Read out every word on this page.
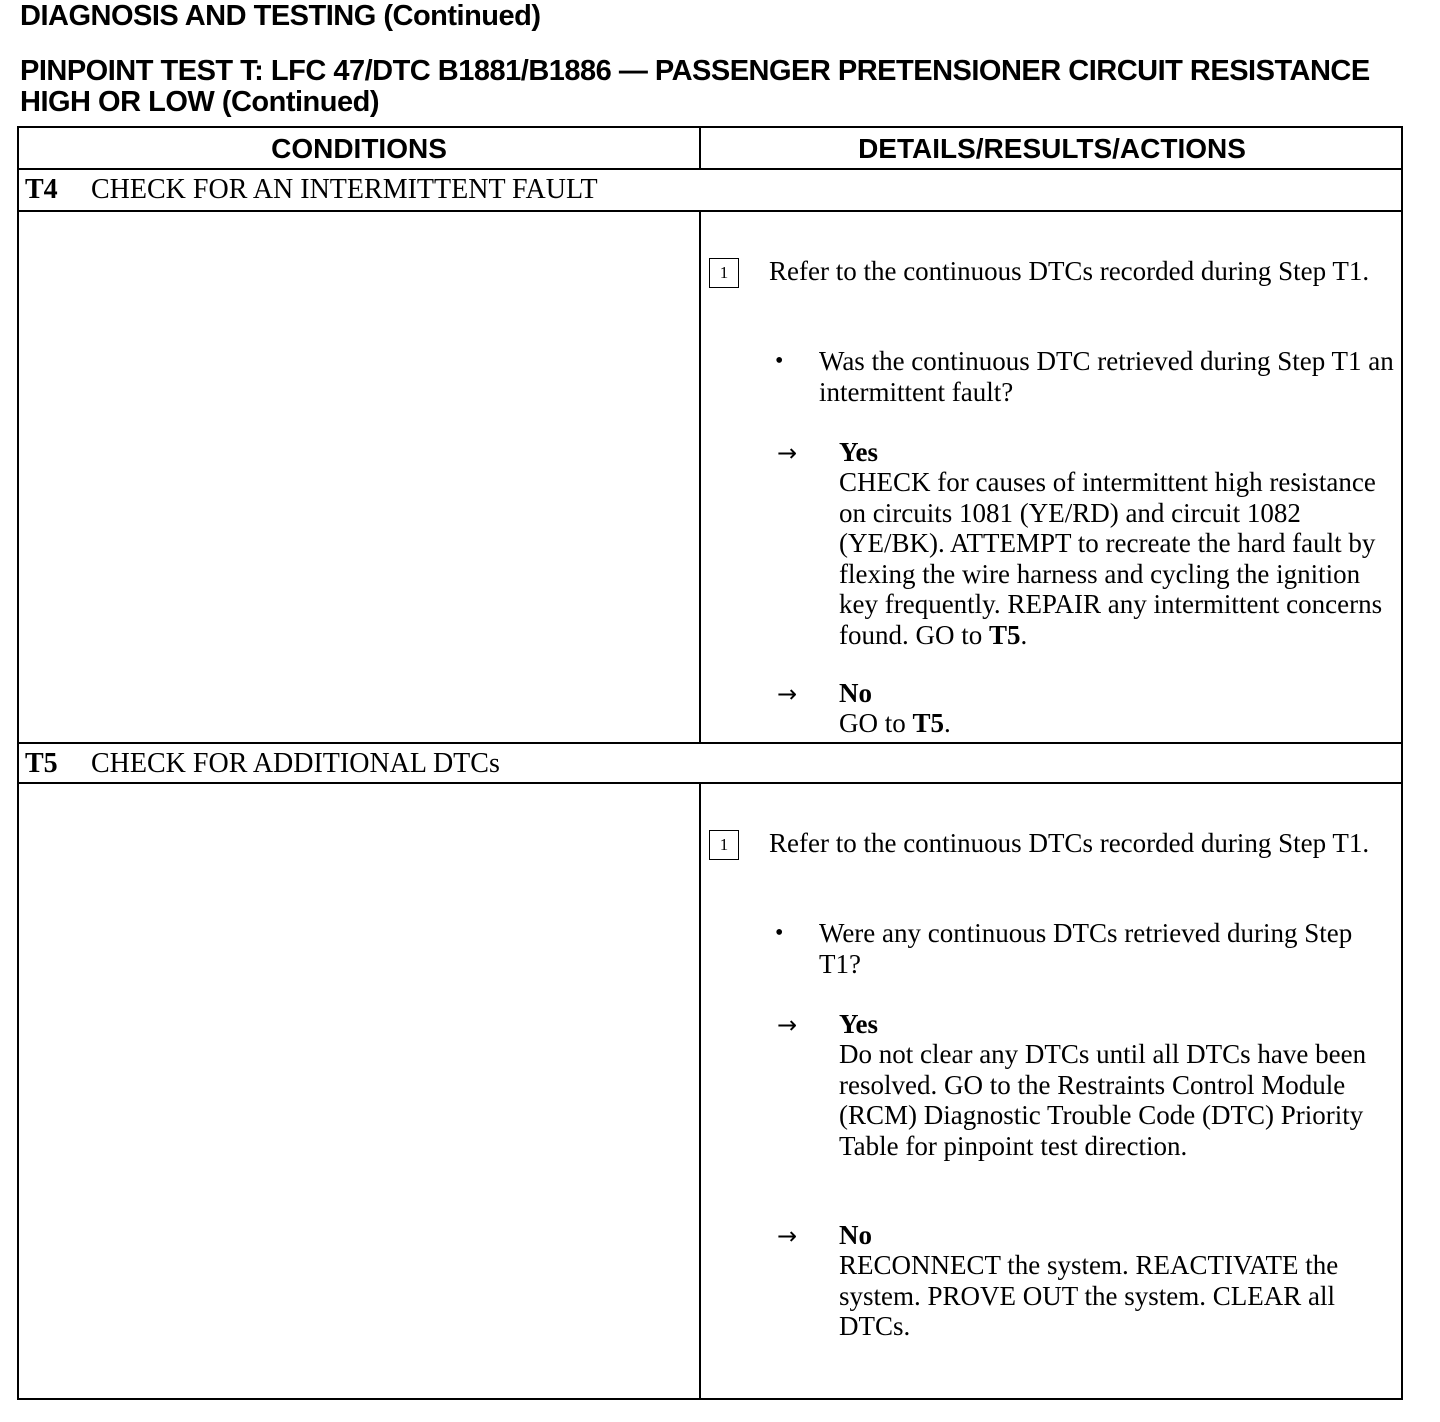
DIAGNOSIS AND TESTING (Continued)
PINPOINT TEST T: LFC 47/DTC B1881/B1886 — PASSENGER PRETENSIONER CIRCUIT RESISTANCE HIGH OR LOW (Continued)
CONDITIONS	DETAILS/RESULTS/ACTIONS
T4 CHECK FOR AN INTERMITTENT FAULT
1	Refer to the continuous DTCs recorded during Step T1.
• Was the continuous DTC retrieved during Step T1 an intermittent fault?
→ Yes
CHECK for causes of intermittent high resistance on circuits 1081 (YE/RD) and circuit 1082 (YE/BK). ATTEMPT to recreate the hard fault by flexing the wire harness and cycling the ignition key frequently. REPAIR any intermittent concerns found. GO to T5.
→ No
GO to T5.
T5 CHECK FOR ADDITIONAL DTCs
1	Refer to the continuous DTCs recorded during Step T1.
• Were any continuous DTCs retrieved during Step T1?
→ Yes
Do not clear any DTCs until all DTCs have been resolved. GO to the Restraints Control Module (RCM) Diagnostic Trouble Code (DTC) Priority Table for pinpoint test direction.
→ No
RECONNECT the system. REACTIVATE the system. PROVE OUT the system. CLEAR all DTCs.
